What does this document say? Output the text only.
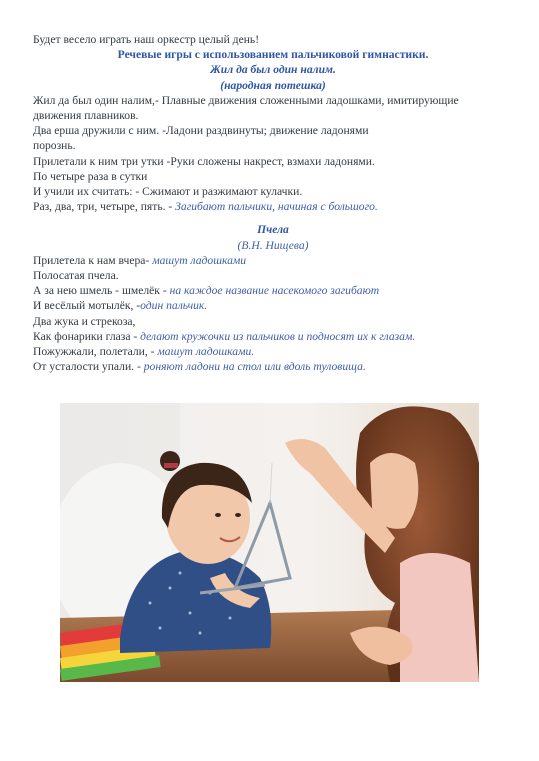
Будет весело играть наш оркестр целый день!
Речевые игры с использованием пальчиковой гимнастики.
Жил да был один налим.
(народная потешка)
Жил да был один налим,- Плавные движения сложенными ладошками, имитирующие
движения плавников.
Два ерша дружили с ним. -Ладони раздвинуты; движение ладонями
порознь.
Прилетали к ним три утки -Руки сложены накрест, взмахи ладонями.
По четыре раза в сутки
И учили их считать: - Сжимают и разжимают кулачки.
Раз, два, три, четыре, пять. - Загибают пальчики, начиная с большого.
Пчела
(В.Н. Нищева)
Прилетела к нам вчера- машут ладошками
Полосатая пчела.
А за нею шмель - шмелёк - на каждое название насекомого загибают
И весёлый мотылёк, -один пальчик.
Два жука и стрекоза,
Как фонарики глаза - делают кружочки из пальчиков и подносят их к глазам.
Пожужжали, полетали, - машут ладошками.
От усталости упали. - роняют ладони на стол или вдоль туловища.
